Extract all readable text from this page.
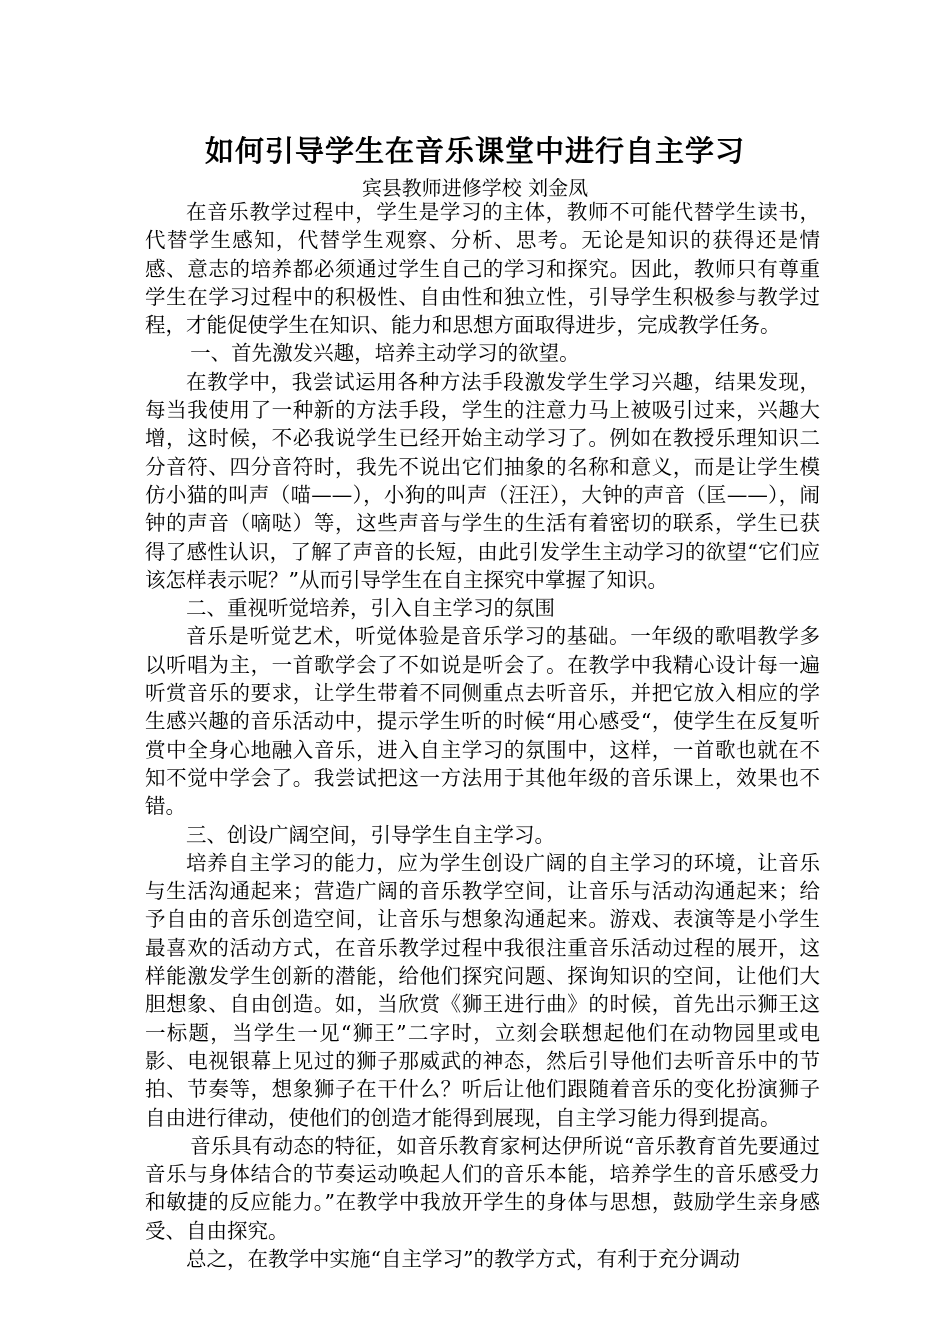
如何引导学生在音乐课堂中进行自主学习
宾县教师进修学校 刘金凤

在音乐教学过程中，学生是学习的主体，教师不可能代替学生读书，代替学生感知，代替学生观察、分析、思考。无论是知识的获得还是情感、意志的培养都必须通过学生自己的学习和探究。因此，教师只有尊重学生在学习过程中的积极性、自由性和独立性，引导学生积极参与教学过程，才能促使学生在知识、能力和思想方面取得进步，完成教学任务。

一、首先激发兴趣，培养主动学习的欲望。

在教学中，我尝试运用各种方法手段激发学生学习兴趣，结果发现，每当我使用了一种新的方法手段，学生的注意力马上被吸引过来，兴趣大增，这时候，不必我说学生已经开始主动学习了。例如在教授乐理知识二分音符、四分音符时，我先不说出它们抽象的名称和意义，而是让学生模仿小猫的叫声（喵——），小狗的叫声（汪汪），大钟的声音（匡——），闹钟的声音（嘀哒）等，这些声音与学生的生活有着密切的联系，学生已获得了感性认识，了解了声音的长短，由此引发学生主动学习的欲望“它们应该怎样表示呢？”从而引导学生在自主探究中掌握了知识。

二、重视听觉培养，引入自主学习的氛围

音乐是听觉艺术，听觉体验是音乐学习的基础。一年级的歌唱教学多以听唱为主，一首歌学会了不如说是听会了。在教学中我精心设计每一遍听赏音乐的要求，让学生带着不同侧重点去听音乐，并把它放入相应的学生感兴趣的音乐活动中，提示学生听的时候“用心感受“，使学生在反复听赏中全身心地融入音乐，进入自主学习的氛围中，这样，一首歌也就在不知不觉中学会了。我尝试把这一方法用于其他年级的音乐课上，效果也不错。

三、创设广阔空间，引导学生自主学习。

培养自主学习的能力，应为学生创设广阔的自主学习的环境，让音乐与生活沟通起来；营造广阔的音乐教学空间，让音乐与活动沟通起来；给予自由的音乐创造空间，让音乐与想象沟通起来。游戏、表演等是小学生最喜欢的活动方式，在音乐教学过程中我很注重音乐活动过程的展开，这样能激发学生创新的潜能，给他们探究问题、探询知识的空间，让他们大胆想象、自由创造。如，当欣赏《狮王进行曲》的时候，首先出示狮王这一标题，当学生一见“狮王”二字时，立刻会联想起他们在动物园里或电影、电视银幕上见过的狮子那威武的神态，然后引导他们去听音乐中的节拍、节奏等，想象狮子在干什么？听后让他们跟随着音乐的变化扮演狮子自由进行律动，使他们的创造才能得到展现，自主学习能力得到提高。

音乐具有动态的特征，如音乐教育家柯达伊所说“音乐教育首先要通过音乐与身体结合的节奏运动唤起人们的音乐本能，培养学生的音乐感受力和敏捷的反应能力。”在教学中我放开学生的身体与思想，鼓励学生亲身感受、自由探究。

总之，在教学中实施“自主学习”的教学方式，有利于充分调动
